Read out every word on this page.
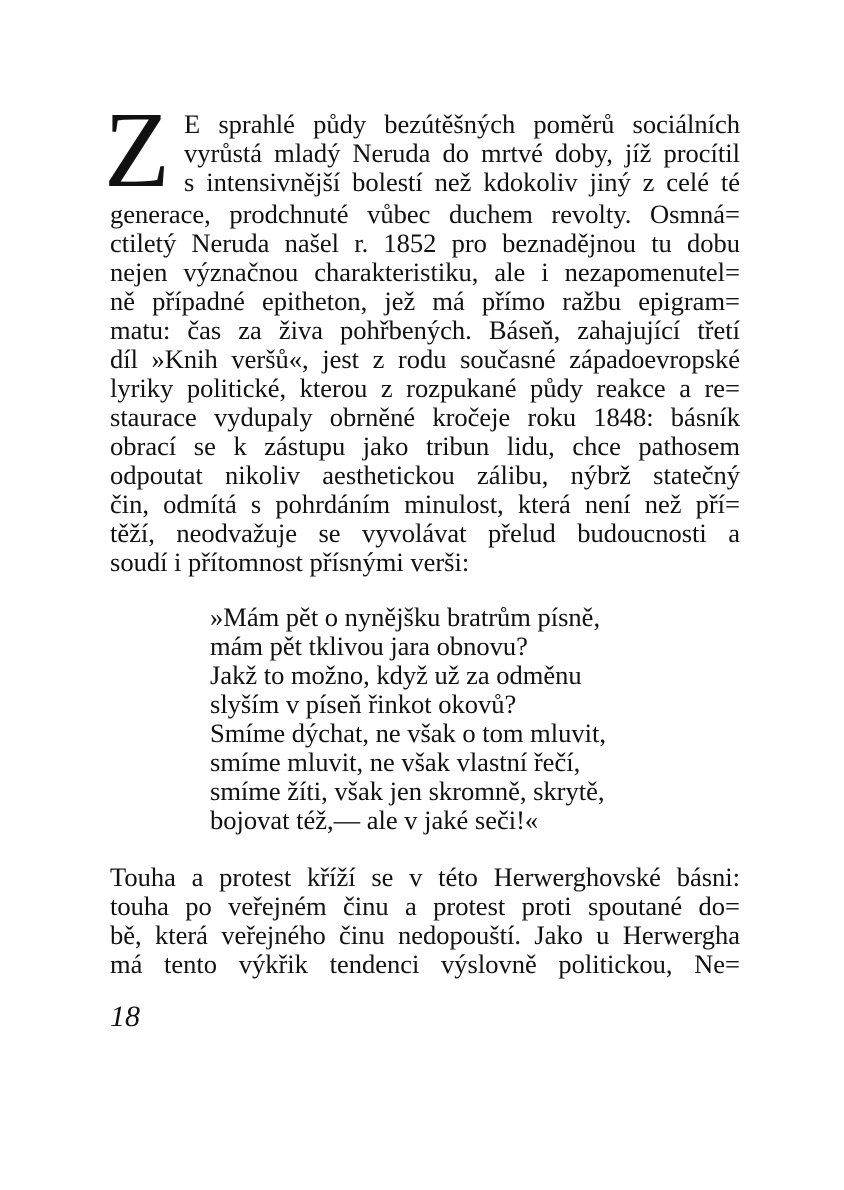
Z E sprahlé půdy bezútěšných poměrů sociálních
vyrůstá mladý Neruda do mrtvé doby, jíž procítil
s intensivnější bolestí než kdokoliv jiný z celé té
generace, prodchnuté vůbec duchem revolty. Osmná=
ctiletý Neruda našel r. 1852 pro beznadějnou tu dobu
nejen význačnou charakteristiku, ale i nezapomenutel=
ně případné epitheton, jež má přímo ražbu epigram=
matu: čas za živa pohřbených. Báseň, zahajující třetí
díl »Knih veršů«, jest z rodu současné západoevropské
lyriky politické, kterou z rozpukané půdy reakce a re=
staurace vydupaly obrněné kročeje roku 1848: básník
obrací se k zástupu jako tribun lidu, chce pathosem
odpoutat nikoliv aesthetickou zálibu, nýbrž statečný
čin, odmítá s pohrdáním minulost, která není než pří=
těží, neodvažuje se vyvolávat přelud budoucnosti a
soudí i přítomnost přísnými verši:
»Mám pět o nynějšku bratrům písně,
mám pět tklivou jara obnovu?
Jakž to možno, když už za odměnu
slyším v píseň řinkot okovů?
Smíme dýchat, ne však o tom mluvit,
smíme mluvit, ne však vlastní řečí,
smíme žíti, však jen skromně, skrytě,
bojovat též,— ale v jaké seči!«
Touha a protest kříží se v této Herwerghovské básni:
touha po veřejném činu a protest proti spoutané do=
bě, která veřejného činu nedopouští. Jako u Herwergha
má tento výkřik tendenci výslovně politickou, Ne=
18
